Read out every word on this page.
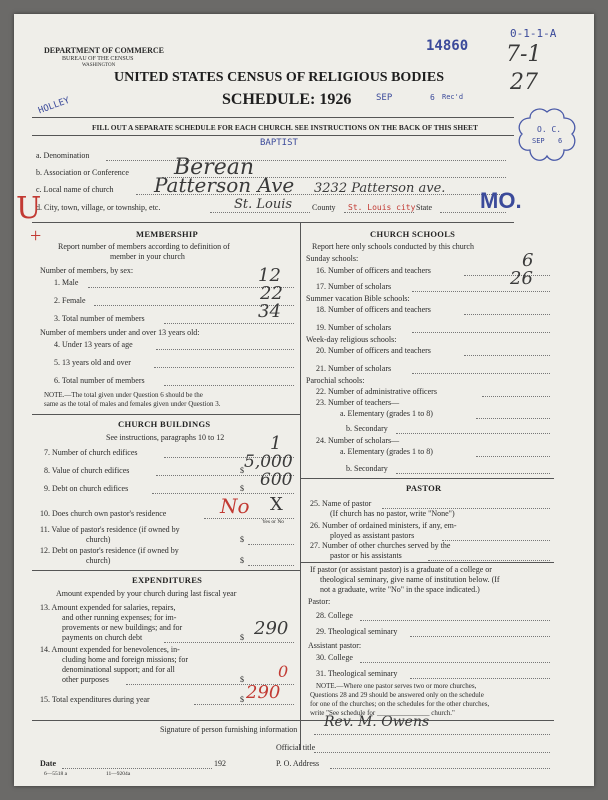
DEPARTMENT OF COMMERCE
BUREAU OF THE CENSUS
WASHINGTON
UNITED STATES CENSUS OF RELIGIOUS BODIES
SCHEDULE: 1926
14860
0-1-1-A
7-1
27
HOLLEY	SEP	6 Rec'd
O. C.
SEP 6
FILL OUT A SEPARATE SCHEDULE FOR EACH CHURCH. SEE INSTRUCTIONS ON THE BACK OF THIS SHEET
BAPTIST
a. Denomination
b. Association or Conference Berean
c. Local name of church Patterson Ave 3232 Patterson ave.
d. City, town, village, or township, etc.	St. Louis County St. Louis city State MO.
U
+	MEMBERSHIP
Report number of members according to definition of
member in your church
Number of members, by sex:
1. Male	12
2. Female	22
3. Total number of members	34
Number of members under and over 13 years old:
4. Under 13 years of age
5. 13 years old and over
6. Total number of members
NOTE.—The total given under Question 6 should be the
same as the total of males and females given under Question 3.
CHURCH BUILDINGS
See instructions, paragraphs 10 to 12
7. Number of church edifices	1
8. Value of church edifices	$ 5,000
9. Debt on church edifices	$ 600
10. Does church own pastor's residence	No X
Yes or No
11. Value of pastor's residence (if owned by
church)	$
12. Debt on pastor's residence (if owned by
church)	$
EXPENDITURES
Amount expended by your church during last fiscal year
13. Amount expended for salaries, repairs,
and other running expenses; for im-
provements or new buildings; and for
payments on church debt	$ 290
14. Amount expended for benevolences, in-
cluding home and foreign missions; for
denominational support; and for all
other purposes	$ 0
15. Total expenditures during year	$ 290
CHURCH SCHOOLS
Report here only schools conducted by this church
Sunday schools:
16. Number of officers and teachers	6
17. Number of scholars	26
Summer vacation Bible schools:
18. Number of officers and teachers
19. Number of scholars
Week-day religious schools:
20. Number of officers and teachers
21. Number of scholars
Parochial schools:
22. Number of administrative officers
23. Number of teachers—
a. Elementary (grades 1 to 8)
b. Secondary
24. Number of scholars—
a. Elementary (grades 1 to 8)
b. Secondary
PASTOR
25. Name of pastor
(If church has no pastor, write "None")
26. Number of ordained ministers, if any, em-
ployed as assistant pastors
27. Number of other churches served by the
pastor or his assistants
If pastor (or assistant pastor) is a graduate of a college or
theological seminary, give name of institution below. (If
not a graduate, write "No" in the space indicated.)
Pastor:
28. College
29. Theological seminary
Assistant pastor:
30. College
31. Theological seminary
NOTE.—Where one pastor serves two or more churches,
Questions 28 and 29 should be answered only on the schedule
for one of the churches; on the schedules for the other churches,
write "See schedule for _______________ church."
Signature of person furnishing information Rev. M. Owens
Official title
Date	192	P. O. Address
6—5518 a	11—9204a
